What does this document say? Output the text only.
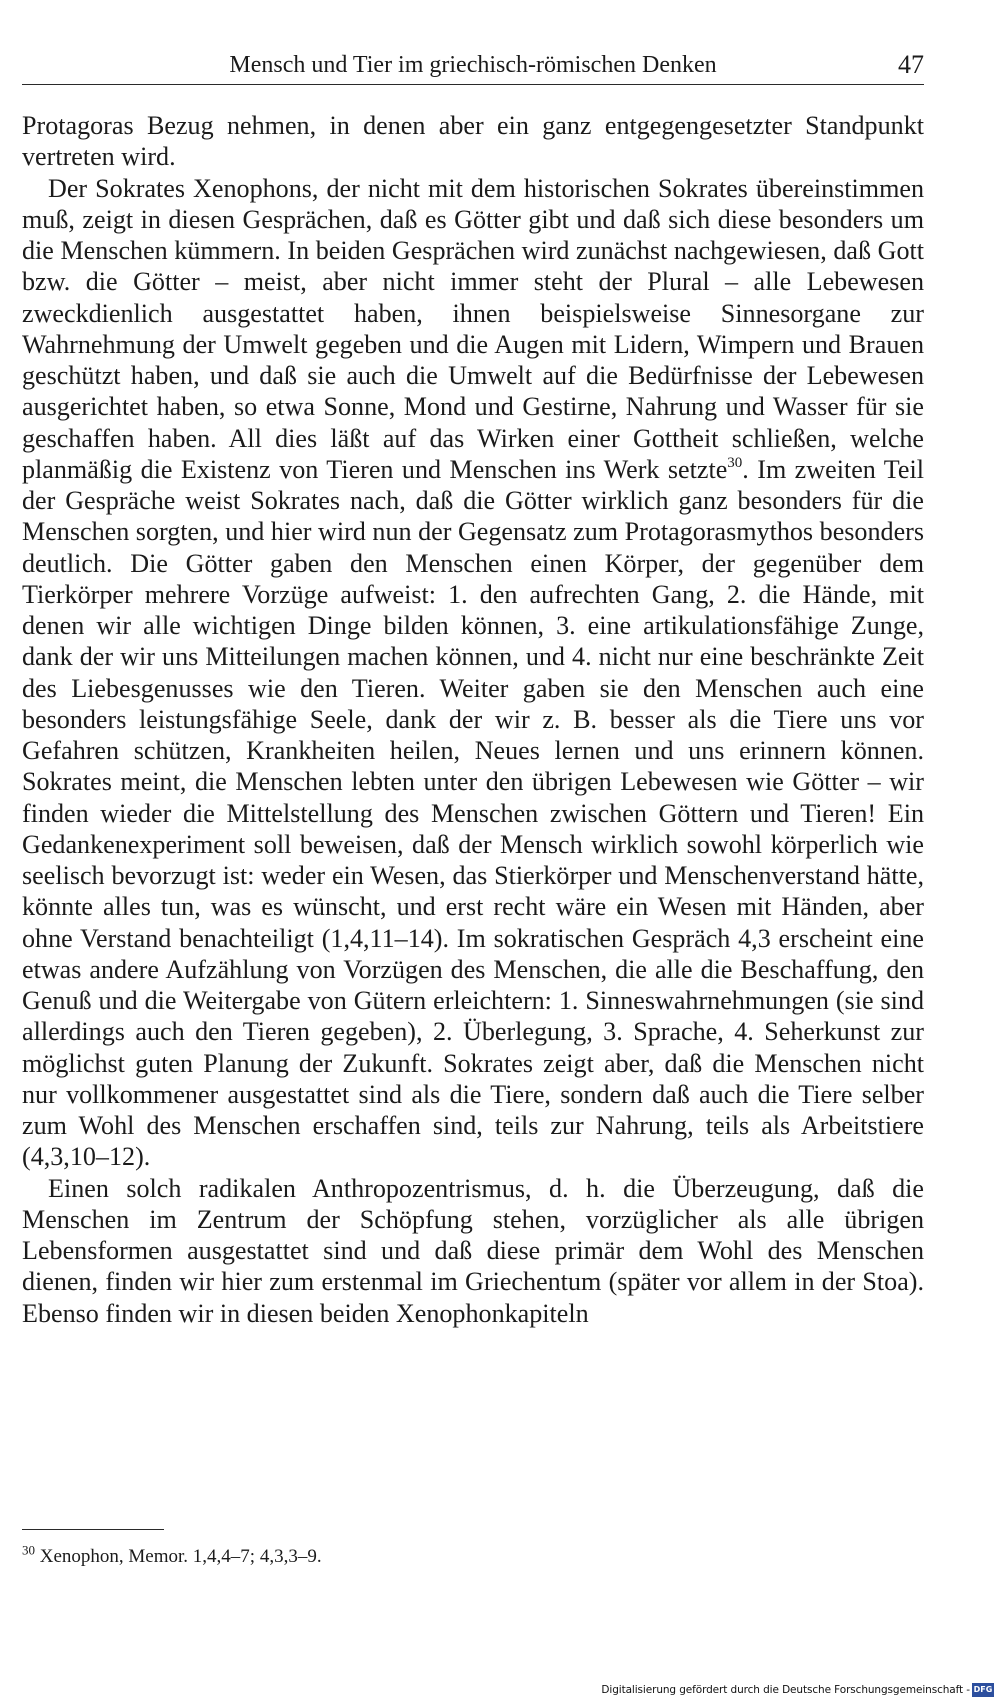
Mensch und Tier im griechisch-römischen Denken	47

Protagoras Bezug nehmen, in denen aber ein ganz entgegengesetzter Standpunkt vertreten wird.

Der Sokrates Xenophons, der nicht mit dem historischen Sokrates übereinstimmen muß, zeigt in diesen Gesprächen, daß es Götter gibt und daß sich diese besonders um die Menschen kümmern. In beiden Gesprächen wird zunächst nachgewiesen, daß Gott bzw. die Götter – meist, aber nicht immer steht der Plural – alle Lebewesen zweckdienlich ausgestattet haben, ihnen beispielsweise Sinnesorgane zur Wahrnehmung der Umwelt gegeben und die Augen mit Lidern, Wimpern und Brauen geschützt haben, und daß sie auch die Umwelt auf die Bedürfnisse der Lebewesen ausgerichtet haben, so etwa Sonne, Mond und Gestirne, Nahrung und Wasser für sie geschaffen haben. All dies läßt auf das Wirken einer Gottheit schließen, welche planmäßig die Existenz von Tieren und Menschen ins Werk setzte$^{30}$. Im zweiten Teil der Gespräche weist Sokrates nach, daß die Götter wirklich ganz besonders für die Menschen sorgten, und hier wird nun der Gegensatz zum Protagorasmythos besonders deutlich. Die Götter gaben den Menschen einen Körper, der gegenüber dem Tierkörper mehrere Vorzüge aufweist: 1. den aufrechten Gang, 2. die Hände, mit denen wir alle wichtigen Dinge bilden können, 3. eine artikulationsfähige Zunge, dank der wir uns Mitteilungen machen können, und 4. nicht nur eine beschränkte Zeit des Liebesgenusses wie den Tieren. Weiter gaben sie den Menschen auch eine besonders leistungsfähige Seele, dank der wir z. B. besser als die Tiere uns vor Gefahren schützen, Krankheiten heilen, Neues lernen und uns erinnern können. Sokrates meint, die Menschen lebten unter den übrigen Lebewesen wie Götter – wir finden wieder die Mittelstellung des Menschen zwischen Göttern und Tieren! Ein Gedankenexperiment soll beweisen, daß der Mensch wirklich sowohl körperlich wie seelisch bevorzugt ist: weder ein Wesen, das Stierkörper und Menschenverstand hätte, könnte alles tun, was es wünscht, und erst recht wäre ein Wesen mit Händen, aber ohne Verstand benachteiligt (1,4,11–14). Im sokratischen Gespräch 4,3 erscheint eine etwas andere Aufzählung von Vorzügen des Menschen, die alle die Beschaffung, den Genuß und die Weitergabe von Gütern erleichtern: 1. Sinneswahrnehmungen (sie sind allerdings auch den Tieren gegeben), 2. Überlegung, 3. Sprache, 4. Seherkunst zur möglichst guten Planung der Zukunft. Sokrates zeigt aber, daß die Menschen nicht nur vollkommener ausgestattet sind als die Tiere, sondern daß auch die Tiere selber zum Wohl des Menschen erschaffen sind, teils zur Nahrung, teils als Arbeitstiere (4,3,10–12).

Einen solch radikalen Anthropozentrismus, d. h. die Überzeugung, daß die Menschen im Zentrum der Schöpfung stehen, vorzüglicher als alle übrigen Lebensformen ausgestattet sind und daß diese primär dem Wohl des Menschen dienen, finden wir hier zum erstenmal im Griechentum (später vor allem in der Stoa). Ebenso finden wir in diesen beiden Xenophonkapiteln

$^{30}$ Xenophon, Memor. 1,4,4–7; 4,3,3–9.
Digitalisierung gefördert durch die Deutsche Forschungsgemeinschaft - DFG
